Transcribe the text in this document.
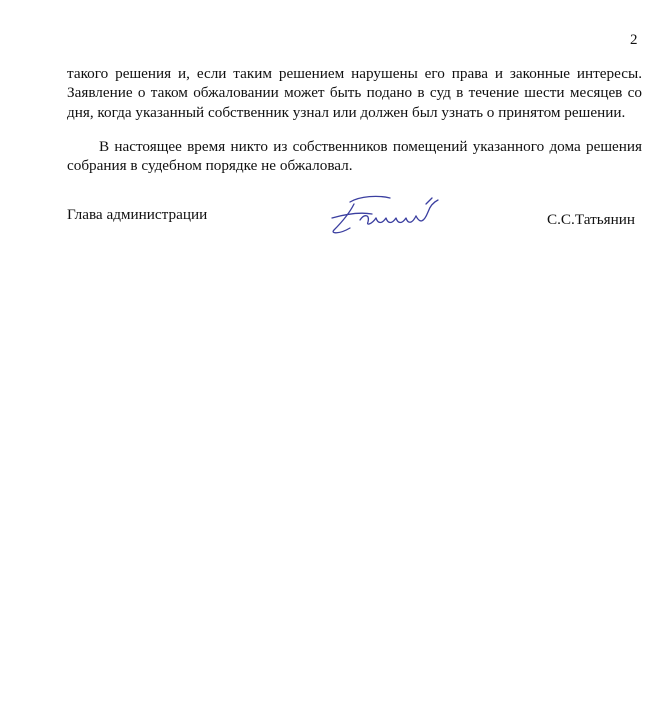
2

такого решения и, если таким решением нарушены его права и законные интересы. Заявление о таком обжаловании может быть подано в суд в течение шести месяцев со дня, когда указанный собственник узнал или должен был узнать о принятом решении.

В настоящее время никто из собственников помещений указанного дома решения собрания в судебном порядке не обжаловал.

Глава администрации	С.С.Татьянин
